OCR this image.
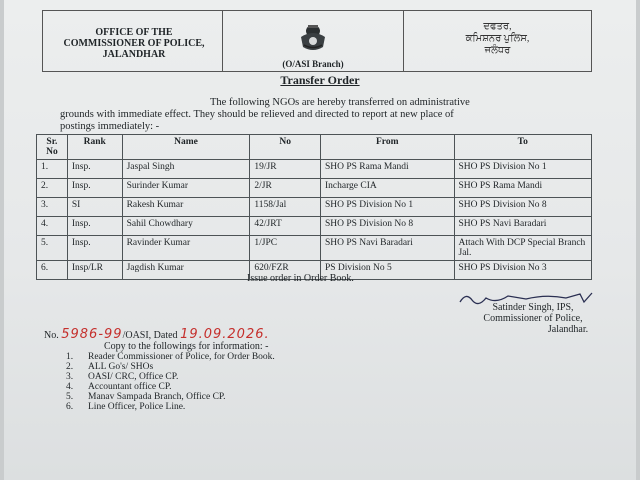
OFFICE OF THE
COMMISSIONER OF POLICE,
JALANDHAR
(O/ASI Branch)
ਦਫਤਰ,
ਕਮਿਸ਼ਨਰ ਪੁਲਿਸ,
ਜਲੰਧਰ
Transfer Order
The following NGOs are hereby transferred on administrative
grounds with immediate effect. They should be relieved and directed to report at new place of
postings immediately: -
Sr. No	Rank	Name	No	From	To
1.	Insp.	Jaspal Singh	19/JR	SHO PS Rama Mandi	SHO PS Division No 1
2.	Insp.	Surinder Kumar	2/JR	Incharge CIA	SHO PS Rama Mandi
3.	SI	Rakesh Kumar	1158/Jal	SHO PS Division No 1	SHO PS Division No 8
4.	Insp.	Sahil Chowdhary	42/JRT	SHO PS Division No 8	SHO PS Navi Baradari
5.	Insp.	Ravinder Kumar	1/JPC	SHO PS Navi Baradari	Attach With DCP Special Branch Jal.
6.	Insp/LR	Jagdish Kumar	620/FZR	PS Division No 5	SHO PS Division No 3
Issue order in Order Book.
Satinder Singh, IPS,
Commissioner of Police,
Jalandhar.
No. 5986-99/OASI, Dated 19.09.2026.
Copy to the followings for information: -
1. Reader Commissioner of Police, for Order Book.
2. ALL Go's/ SHOs
3. OASI/ CRC, Office CP.
4. Accountant office CP.
5. Manav Sampada Branch, Office CP.
6. Line Officer, Police Line.
